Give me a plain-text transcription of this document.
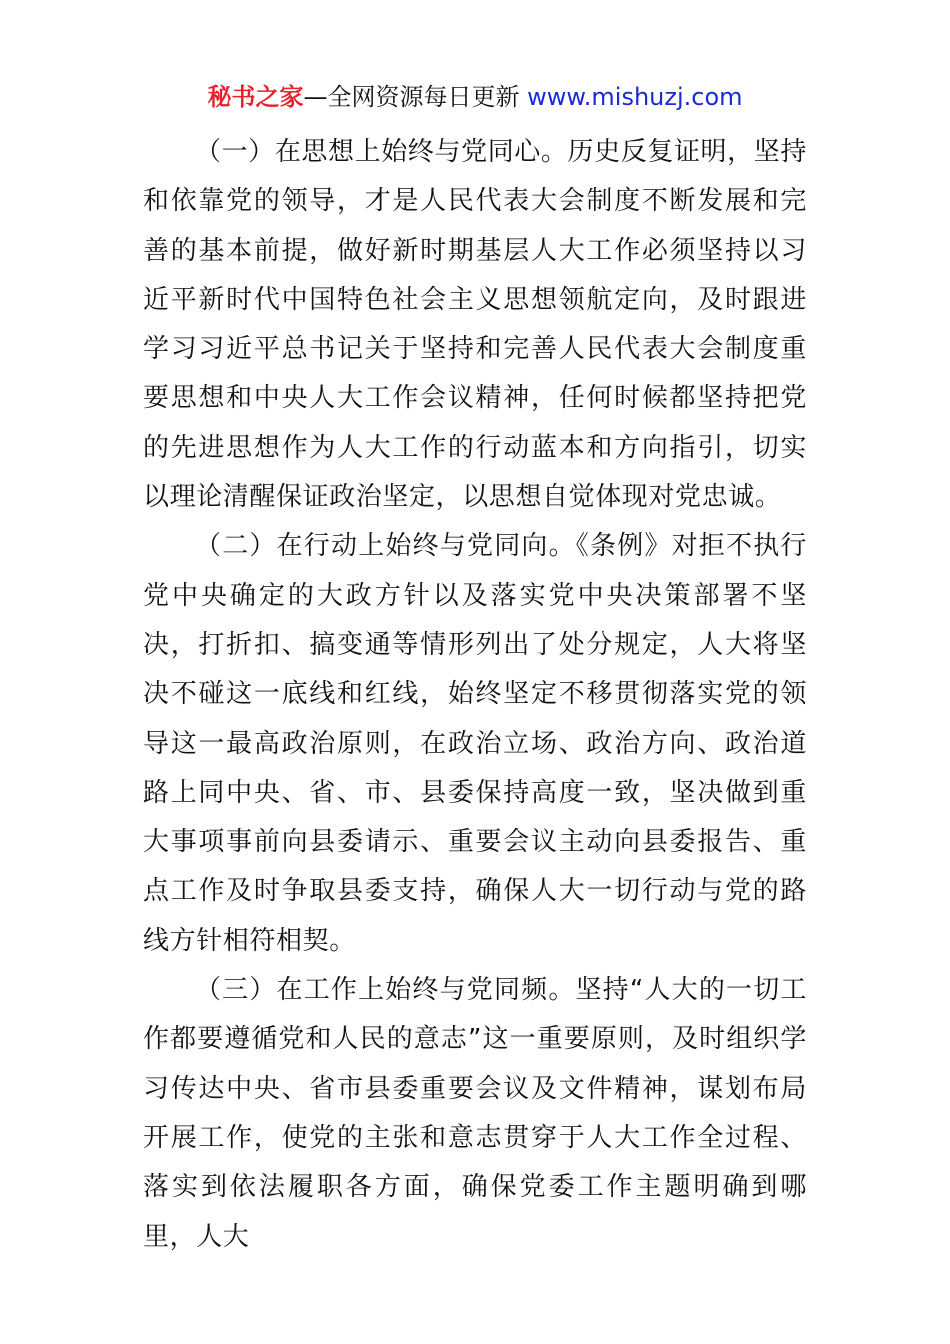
秘书之家—全网资源每日更新 www.mishuzj.com

（一）在思想上始终与党同心。历史反复证明，坚持和依靠党的领导，才是人民代表大会制度不断发展和完善的基本前提，做好新时期基层人大工作必须坚持以习近平新时代中国特色社会主义思想领航定向，及时跟进学习习近平总书记关于坚持和完善人民代表大会制度重要思想和中央人大工作会议精神，任何时候都坚持把党的先进思想作为人大工作的行动蓝本和方向指引，切实以理论清醒保证政治坚定，以思想自觉体现对党忠诚。

（二）在行动上始终与党同向。《条例》对拒不执行党中央确定的大政方针以及落实党中央决策部署不坚决，打折扣、搞变通等情形列出了处分规定，人大将坚决不碰这一底线和红线，始终坚定不移贯彻落实党的领导这一最高政治原则，在政治立场、政治方向、政治道路上同中央、省、市、县委保持高度一致，坚决做到重大事项事前向县委请示、重要会议主动向县委报告、重点工作及时争取县委支持，确保人大一切行动与党的路线方针相符相契。

（三）在工作上始终与党同频。坚持“人大的一切工作都要遵循党和人民的意志”这一重要原则，及时组织学习传达中央、省市县委重要会议及文件精神，谋划布局开展工作，使党的主张和意志贯穿于人大工作全过程、落实到依法履职各方面，确保党委工作主题明确到哪里，人大
